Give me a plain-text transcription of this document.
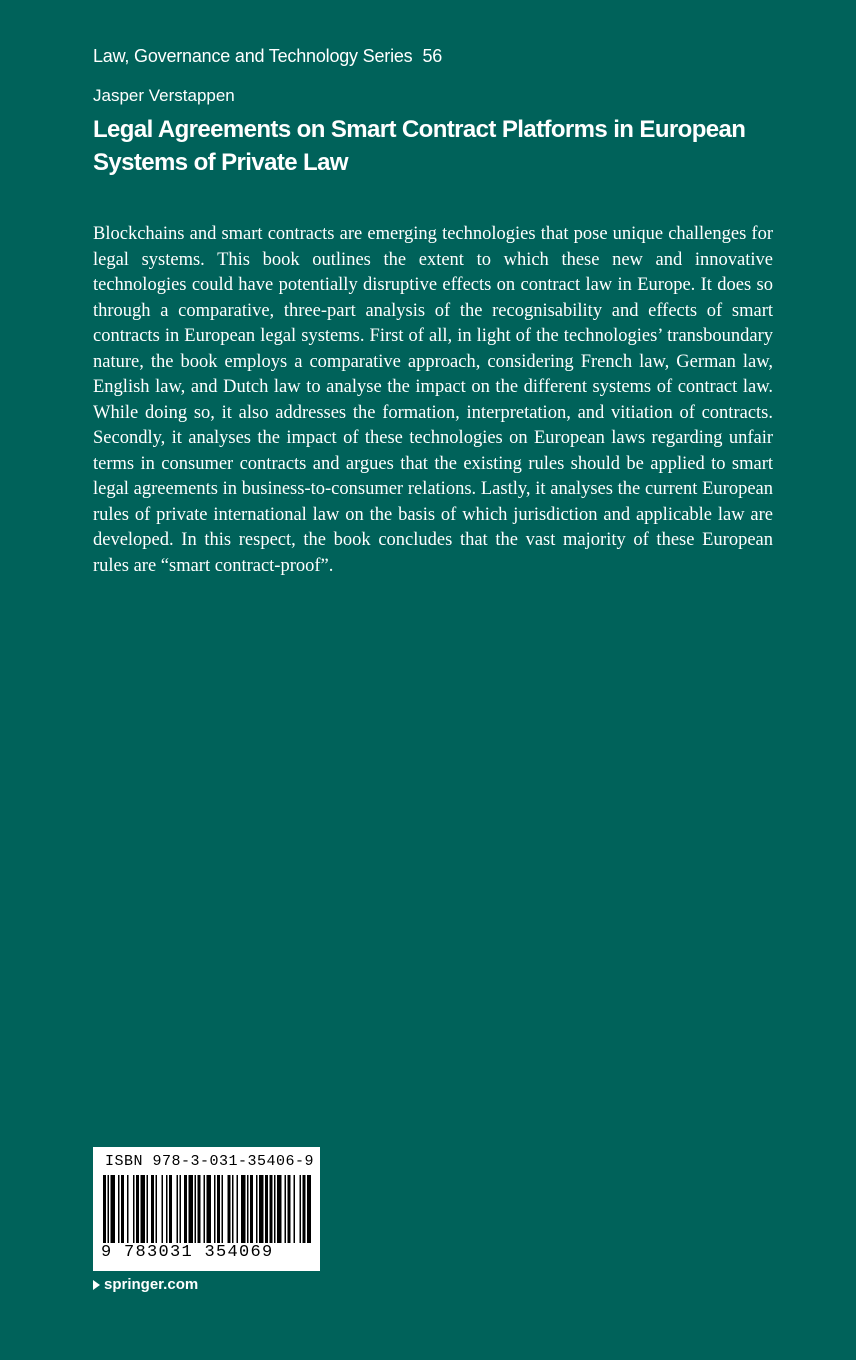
Law, Governance and Technology Series 56
Jasper Verstappen
Legal Agreements on Smart Contract Platforms in European Systems of Private Law

Blockchains and smart contracts are emerging technologies that pose unique challenges for legal systems. This book outlines the extent to which these new and innovative technologies could have potentially disruptive effects on contract law in Europe. It does so through a comparative, three-part analysis of the recognisability and effects of smart contracts in European legal systems. First of all, in light of the technologies’ transboundary nature, the book employs a comparative approach, considering French law, German law, English law, and Dutch law to analyse the impact on the different systems of contract law. While doing so, it also addresses the formation, interpretation, and vitiation of contracts. Secondly, it analyses the impact of these technologies on European laws regarding unfair terms in consumer contracts and argues that the existing rules should be applied to smart legal agreements in business-to-consumer relations. Lastly, it analyses the current European rules of private international law on the basis of which jurisdiction and applicable law are developed. In this respect, the book concludes that the vast majority of these European rules are “smart contract-proof”.

ISBN 978-3-031-35406-9
9 783031 354069
springer.com
